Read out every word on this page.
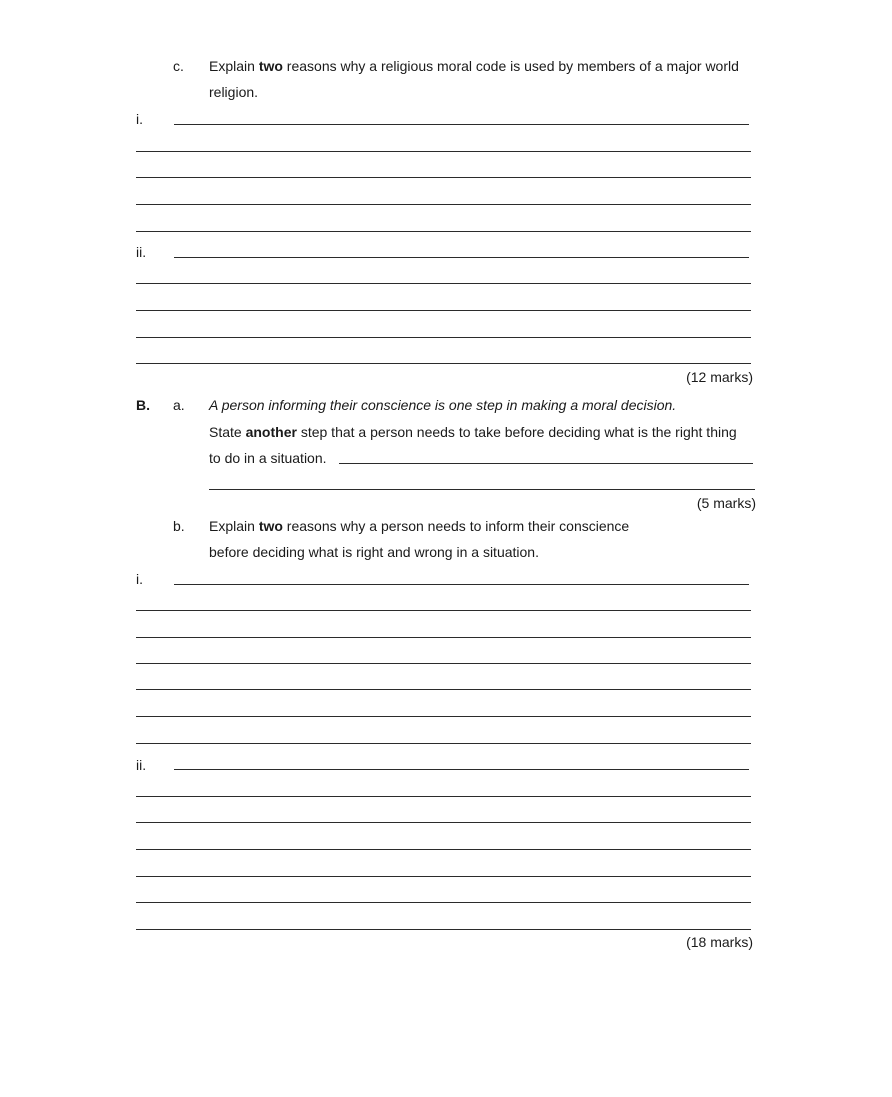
c. Explain two reasons why a religious moral code is used by members of a major world
religion.
i.
ii.
(12 marks)
B. a. A person informing their conscience is one step in making a moral decision.
State another step that a person needs to take before deciding what is the right thing
to do in a situation.
(5 marks)
b. Explain two reasons why a person needs to inform their conscience
before deciding what is right and wrong in a situation.
i.
ii.
(18 marks)
